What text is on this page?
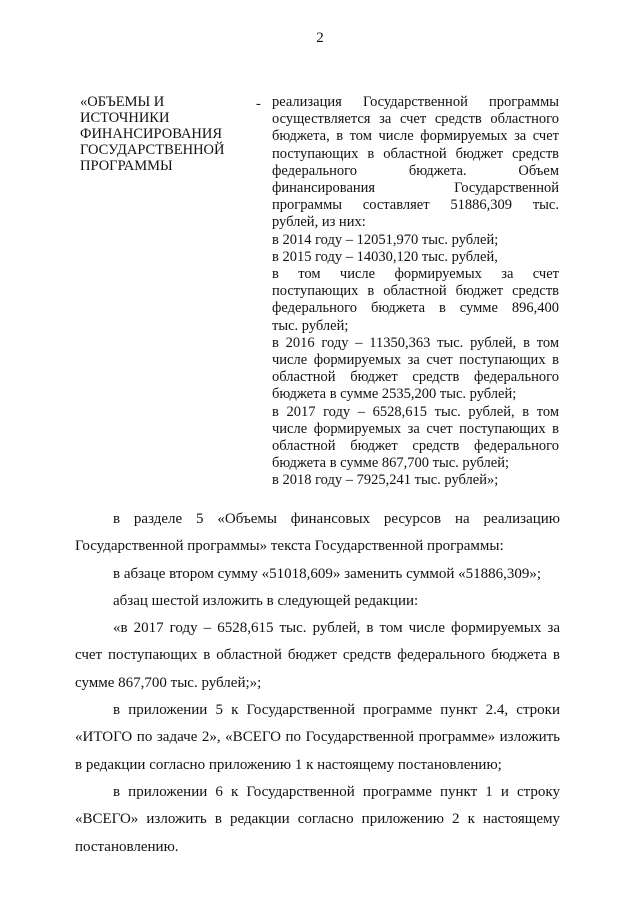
2
«ОБЪЕМЫ И
ИСТОЧНИКИ
ФИНАНСИРОВАНИЯ
ГОСУДАРСТВЕННОЙ
ПРОГРАММЫ
- реализация Государственной программы
осуществляется за счет средств областного
бюджета, в том числе формируемых за счет
поступающих в областной бюджет средств
федерального бюджета. Объем
финансирования Государственной
программы составляет 51886,309 тыс.
рублей, из них:
в 2014 году – 12051,970 тыс. рублей;
в 2015 году – 14030,120 тыс. рублей,
в том числе формируемых за счет
поступающих в областной бюджет средств
федерального бюджета в сумме 896,400
тыс. рублей;
в 2016 году – 11350,363 тыс. рублей, в том
числе формируемых за счет поступающих в
областной бюджет средств федерального
бюджета в сумме 2535,200 тыс. рублей;
в 2017 году – 6528,615 тыс. рублей, в том
числе формируемых за счет поступающих в
областной бюджет средств федерального
бюджета в сумме 867,700 тыс. рублей;
в 2018 году – 7925,241 тыс. рублей»;
в разделе 5 «Объемы финансовых ресурсов на реализацию
Государственной программы» текста Государственной программы:
в абзаце втором сумму «51018,609» заменить суммой «51886,309»;
абзац шестой изложить в следующей редакции:
«в 2017 году – 6528,615 тыс. рублей, в том числе формируемых за
счет поступающих в областной бюджет средств федерального бюджета в
сумме 867,700 тыс. рублей;»;
в приложении 5 к Государственной программе пункт 2.4, строки
«ИТОГО по задаче 2», «ВСЕГО по Государственной программе» изложить
в редакции согласно приложению 1 к настоящему постановлению;
в приложении 6 к Государственной программе пункт 1 и строку
«ВСЕГО» изложить в редакции согласно приложению 2 к настоящему
постановлению.
